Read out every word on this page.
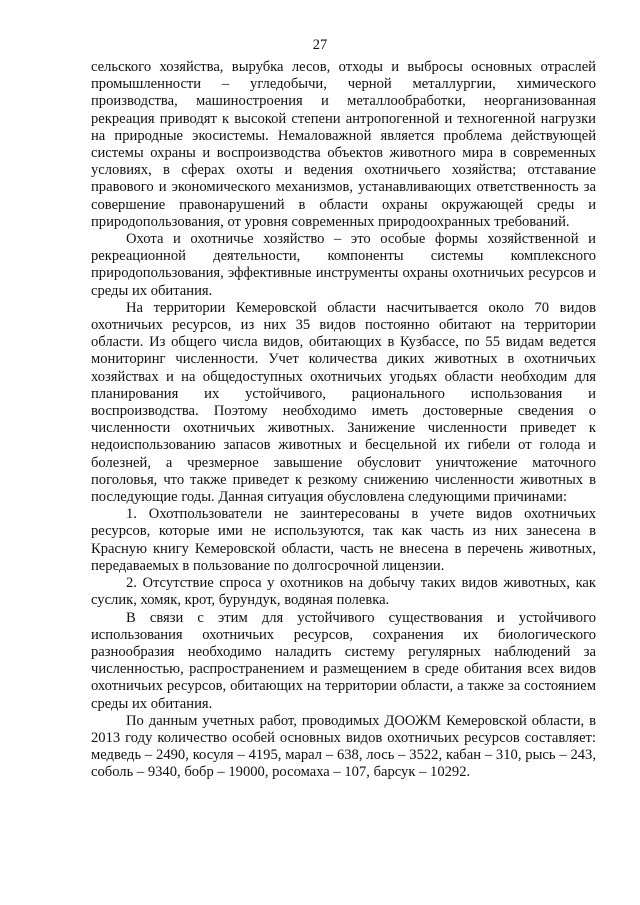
27

сельского хозяйства, вырубка лесов, отходы и выбросы основных отраслей промышленности – угледобычи, черной металлургии, химического производства, машиностроения и металлообработки, неорганизованная рекреация приводят к высокой степени антропогенной и техногенной нагрузки на природные экосистемы. Немаловажной является проблема действующей системы охраны и воспроизводства объектов животного мира в современных условиях, в сферах охоты и ведения охотничьего хозяйства; отставание правового и экономического механизмов, устанавливающих ответственность за совершение правонарушений в области охраны окружающей среды и природопользования, от уровня современных природоохранных требований.

Охота и охотничье хозяйство – это особые формы хозяйственной и рекреационной деятельности, компоненты системы комплексного природопользования, эффективные инструменты охраны охотничьих ресурсов и среды их обитания.

На территории Кемеровской области насчитывается около 70 видов охотничьих ресурсов, из них 35 видов постоянно обитают на территории области. Из общего числа видов, обитающих в Кузбассе, по 55 видам ведется мониторинг численности. Учет количества диких животных в охотничьих хозяйствах и на общедоступных охотничьих угодьях области необходим для планирования их устойчивого, рационального использования и воспроизводства. Поэтому необходимо иметь достоверные сведения о численности охотничьих животных. Занижение численности приведет к недоиспользованию запасов животных и бесцельной их гибели от голода и болезней, а чрезмерное завышение обусловит уничтожение маточного поголовья, что также приведет к резкому снижению численности животных в последующие годы. Данная ситуация обусловлена следующими причинами:

1. Охотпользователи не заинтересованы в учете видов охотничьих ресурсов, которые ими не используются, так как часть из них занесена в Красную книгу Кемеровской области, часть не внесена в перечень животных, передаваемых в пользование по долгосрочной лицензии.

2. Отсутствие спроса у охотников на добычу таких видов животных, как суслик, хомяк, крот, бурундук, водяная полевка.

В связи с этим для устойчивого существования и устойчивого использования охотничьих ресурсов, сохранения их биологического разнообразия необходимо наладить систему регулярных наблюдений за численностью, распространением и размещением в среде обитания всех видов охотничьих ресурсов, обитающих на территории области, а также за состоянием среды их обитания.

По данным учетных работ, проводимых ДООЖМ Кемеровской области, в 2013 году количество особей основных видов охотничьих ресурсов составляет: медведь – 2490, косуля – 4195, марал – 638, лось – 3522, кабан – 310, рысь – 243, соболь – 9340, бобр – 19000, росомаха – 107, барсук – 10292.
